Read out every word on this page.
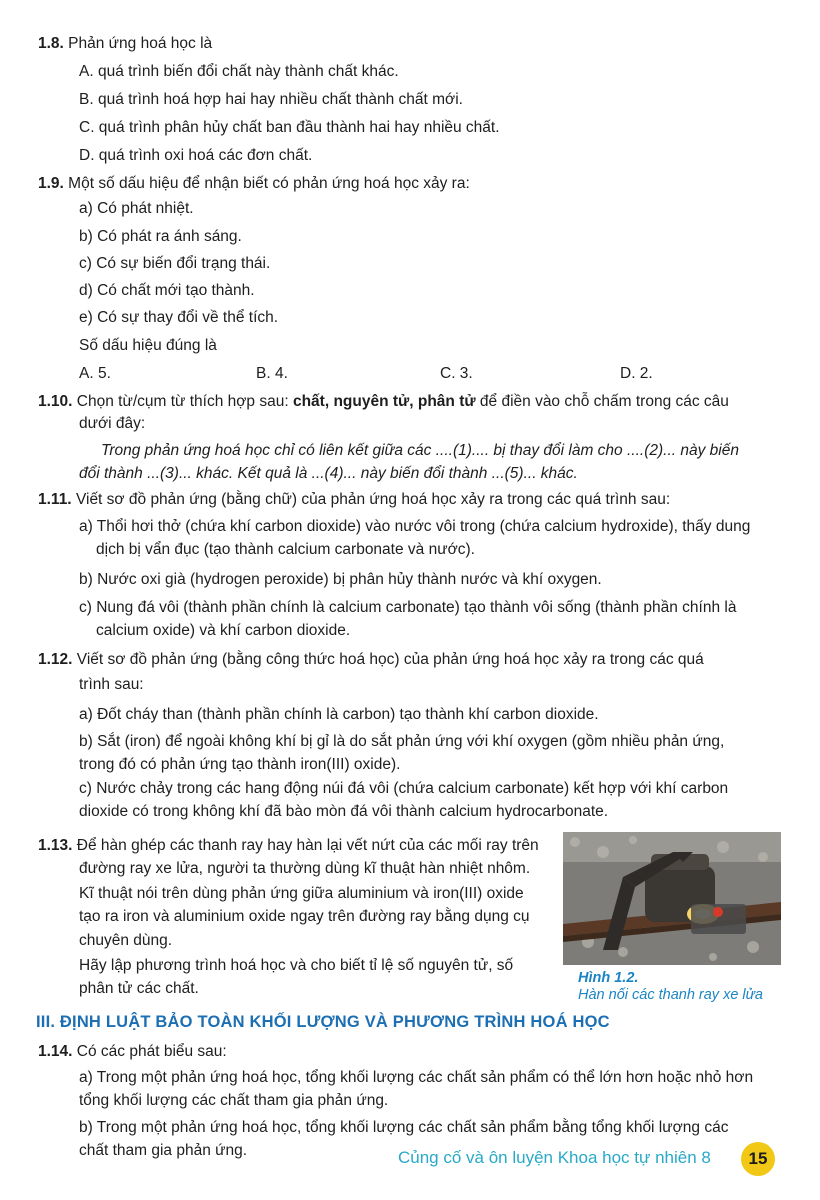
1.8. Phản ứng hoá học là
A. quá trình biến đổi chất này thành chất khác.
B. quá trình hoá hợp hai hay nhiều chất thành chất mới.
C. quá trình phân hủy chất ban đầu thành hai hay nhiều chất.
D. quá trình oxi hoá các đơn chất.
1.9. Một số dấu hiệu để nhận biết có phản ứng hoá học xảy ra:
a) Có phát nhiệt.
b) Có phát ra ánh sáng.
c) Có sự biến đổi trạng thái.
d) Có chất mới tạo thành.
e) Có sự thay đổi về thể tích.
Số dấu hiệu đúng là
A. 5.	B. 4.	C. 3.	D. 2.
1.10. Chọn từ/cụm từ thích hợp sau: chất, nguyên tử, phân tử để điền vào chỗ chấm trong các câu
dưới đây:
Trong phản ứng hoá học chỉ có liên kết giữa các ....(1).... bị thay đổi làm cho ....(2)... này biến
đổi thành ...(3)... khác. Kết quả là ...(4)... này biến đổi thành ...(5)... khác.
1.11. Viết sơ đồ phản ứng (bằng chữ) của phản ứng hoá học xảy ra trong các quá trình sau:
a) Thổi hơi thở (chứa khí carbon dioxide) vào nước vôi trong (chứa calcium hydroxide), thấy dung
dịch bị vẩn đục (tạo thành calcium carbonate và nước).
b) Nước oxi già (hydrogen peroxide) bị phân hủy thành nước và khí oxygen.
c) Nung đá vôi (thành phần chính là calcium carbonate) tạo thành vôi sống (thành phần chính là
calcium oxide) và khí carbon dioxide.
1.12. Viết sơ đồ phản ứng (bằng công thức hoá học) của phản ứng hoá học xảy ra trong các quá
trình sau:
a) Đốt cháy than (thành phần chính là carbon) tạo thành khí carbon dioxide.
b) Sắt (iron) để ngoài không khí bị gỉ là do sắt phản ứng với khí oxygen (gồm nhiều phản ứng,
trong đó có phản ứng tạo thành iron(III) oxide).
c) Nước chảy trong các hang động núi đá vôi (chứa calcium carbonate) kết hợp với khí carbon
dioxide có trong không khí đã bào mòn đá vôi thành calcium hydrocarbonate.
1.13. Để hàn ghép các thanh ray hay hàn lại vết nứt của các mối ray trên
đường ray xe lửa, người ta thường dùng kĩ thuật hàn nhiệt nhôm.
Kĩ thuật nói trên dùng phản ứng giữa aluminium và iron(III) oxide
tạo ra iron và aluminium oxide ngay trên đường ray bằng dụng cụ
chuyên dùng.
Hãy lập phương trình hoá học và cho biết tỉ lệ số nguyên tử, số
phân tử các chất.
Hình 1.2.
Hàn nối các thanh ray xe lửa
III. ĐỊNH LUẬT BẢO TOÀN KHỐI LƯỢNG VÀ PHƯƠNG TRÌNH HOÁ HỌC
1.14. Có các phát biểu sau:
a) Trong một phản ứng hoá học, tổng khối lượng các chất sản phẩm có thể lớn hơn hoặc nhỏ hơn
tổng khối lượng các chất tham gia phản ứng.
b) Trong một phản ứng hoá học, tổng khối lượng các chất sản phẩm bằng tổng khối lượng các
chất tham gia phản ứng.	Củng cố và ôn luyện Khoa học tự nhiên 8	15
